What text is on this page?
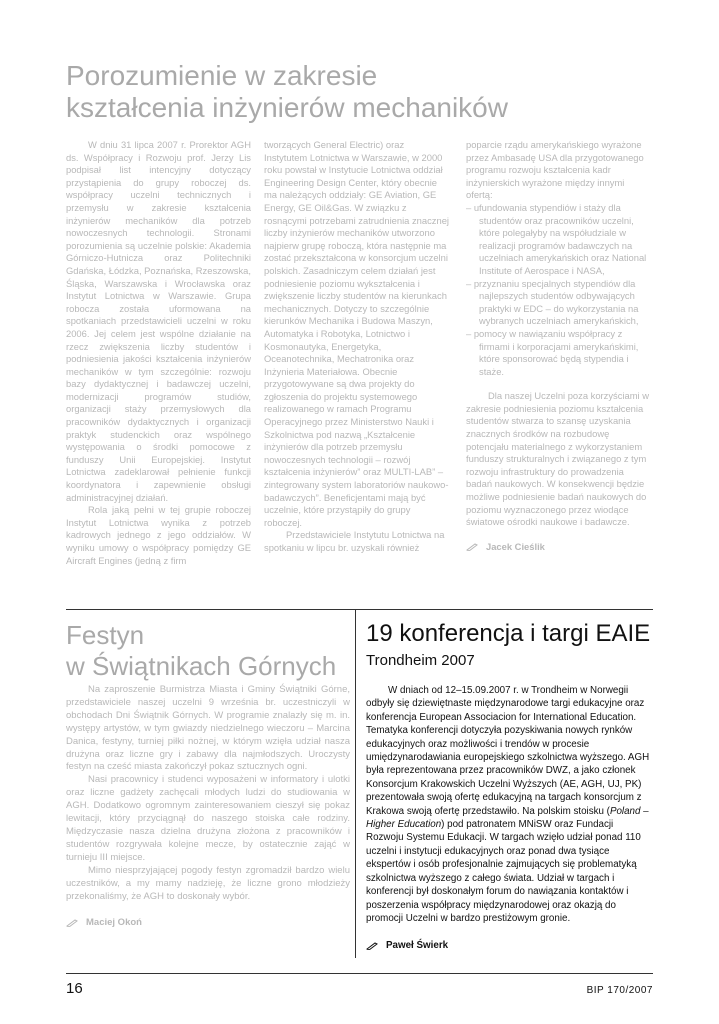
Porozumienie w zakresie
kształcenia inżynierów mechaników

W dniu 31 lipca 2007 r. Prorektor AGH ds. Współpracy i Rozwoju prof. Jerzy Lis podpisał list intencyjny dotyczący przystąpienia do grupy roboczej ds. współpracy uczelni technicznych i przemysłu w zakresie kształcenia inżynierów mechaników dla potrzeb nowoczesnych technologii. Stronami porozumienia są uczelnie polskie: Akademia Górniczo-Hutnicza oraz Politechniki Gdańska, Łódzka, Poznańska, Rzeszowska, Śląska, Warszawska i Wrocławska oraz Instytut Lotnictwa w Warszawie. Grupa robocza została uformowana na spotkaniach przedstawicieli uczelni w roku 2006. Jej celem jest wspólne działanie na rzecz zwiększenia liczby studentów i podniesienia jakości kształcenia inżynierów mechaników w tym szczególnie: rozwoju bazy dydaktycznej i badawczej uczelni, modernizacji programów studiów, organizacji staży przemysłowych dla pracowników dydaktycznych i organizacji praktyk studenckich oraz wspólnego występowania o środki pomocowe z funduszy Unii Europejskiej. Instytut Lotnictwa zadeklarował pełnienie funkcji koordynatora i zapewnienie obsługi administracyjnej działań.

Rola jaką pełni w tej grupie roboczej Instytut Lotnictwa wynika z potrzeb kadrowych jednego z jego oddziałów. W wyniku umowy o współpracy pomiędzy GE Aircraft Engines (jedną z firm

tworzących General Electric) oraz Instytutem Lotnictwa w Warszawie, w 2000 roku powstał w Instytucie Lotnictwa oddział Engineering Design Center, który obecnie ma należących oddziały: GE Aviation, GE Energy, GE Oil&Gas. W związku z rosnącymi potrzebami zatrudnienia znacznej liczby inżynierów mechaników utworzono najpierw grupę roboczą, która następnie ma zostać przekształcona w konsorcjum uczelni polskich. Zasadniczym celem działań jest podniesienie poziomu wykształcenia i zwiększenie liczby studentów na kierunkach mechanicznych. Dotyczy to szczególnie kierunków Mechanika i Budowa Maszyn, Automatyka i Robotyka, Lotnictwo i Kosmonautyka, Energetyka, Oceanotechnika, Mechatronika oraz Inżynieria Materiałowa. Obecnie przygotowywane są dwa projekty do zgłoszenia do projektu systemowego realizowanego w ramach Programu Operacyjnego przez Ministerstwo Nauki i Szkolnictwa pod nazwą „Kształcenie inżynierów dla potrzeb przemysłu nowoczesnych technologii – rozwój kształcenia inżynierów” oraz MULTI-LAB” – zintegrowany system laboratoriów naukowo-badawczych”. Beneficjentami mają być uczelnie, które przystąpiły do grupy roboczej.

Przedstawiciele Instytutu Lotnictwa na spotkaniu w lipcu br. uzyskali również

poparcie rządu amerykańskiego wyrażone przez Ambasadę USA dla przygotowanego programu rozwoju kształcenia kadr inżynierskich wyrażone między innymi ofertą:

– ufundowania stypendiów i staży dla studentów oraz pracowników uczelni, które polegałyby na współudziale w realizacji programów badawczych na uczelniach amerykańskich oraz National Institute of Aerospace i NASA,
– przyznaniu specjalnych stypendiów dla najlepszych studentów odbywających praktyki w EDC – do wykorzystania na wybranych uczelniach amerykańskich,
– pomocy w nawiązaniu współpracy z firmami i korporacjami amerykańskimi, które sponsorować będą stypendia i staże.

Dla naszej Uczelni poza korzyściami w zakresie podniesienia poziomu kształcenia studentów stwarza to szansę uzyskania znacznych środków na rozbudowę potencjału materialnego z wykorzystaniem funduszy strukturalnych i związanego z tym rozwoju infrastruktury do prowadzenia badań naukowych. W konsekwencji będzie możliwe podniesienie badań naukowych do poziomu wyznaczonego przez wiodące światowe ośrodki naukowe i badawcze.

Jacek Cieślik

Festyn
w Świątnikach Górnych

Na zaproszenie Burmistrza Miasta i Gminy Świątniki Górne, przedstawiciele naszej uczelni 9 września br. uczestniczyli w obchodach Dni Świątnik Górnych. W programie znalazły się m. in. występy artystów, w tym gwiazdy niedzielnego wieczoru – Marcina Danica, festyny, turniej piłki nożnej, w którym wzięła udział nasza drużyna oraz liczne gry i zabawy dla najmłodszych. Uroczysty festyn na cześć miasta zakończył pokaz sztucznych ogni.

Nasi pracownicy i studenci wyposażeni w informatory i ulotki oraz liczne gadżety zachęcali młodych ludzi do studiowania w AGH. Dodatkowo ogromnym zainteresowaniem cieszył się pokaz lewitacji, który przyciągnął do naszego stoiska całe rodziny. Międzyczasie nasza dzielna drużyna złożona z pracowników i studentów rozgrywała kolejne mecze, by ostatecznie zająć w turnieju III miejsce.

Mimo niesprzyjającej pogody festyn zgromadził bardzo wielu uczestników, a my mamy nadzieję, że liczne grono młodzieży przekonaliśmy, że AGH to doskonały wybór.

Maciej Okoń

19 konferencja i targi EAIE
Trondheim 2007

W dniach od 12–15.09.2007 r. w Trondheim w Norwegii odbyły się dziewiętnaste międzynarodowe targi edukacyjne oraz konferencja European Associacion for International Education. Tematyka konferencji dotyczyła pozyskiwania nowych rynków edukacyjnych oraz możliwości i trendów w procesie umiędzynarodawiania europejskiego szkolnictwa wyższego. AGH była reprezentowana przez pracowników DWZ, a jako członek Konsorcjum Krakowskich Uczelni Wyższych (AE, AGH, UJ, PK) prezentowała swoją ofertę edukacyjną na targach konsorcjum z Krakowa swoją ofertę przedstawiło. Na polskim stoisku (Poland – Higher Education) pod patronatem MNiSW oraz Fundacji Rozwoju Systemu Edukacji. W targach wzięło udział ponad 110 uczelni i instytucji edukacyjnych oraz ponad dwa tysiące ekspertów i osób profesjonalnie zajmujących się problematyką szkolnictwa wyższego z całego świata. Udział w targach i konferencji był doskonałym forum do nawiązania kontaktów i poszerzenia współpracy międzynarodowej oraz okazją do promocji Uczelni w bardzo prestiżowym gronie.

Paweł Świerk

16	BIP 170/2007
